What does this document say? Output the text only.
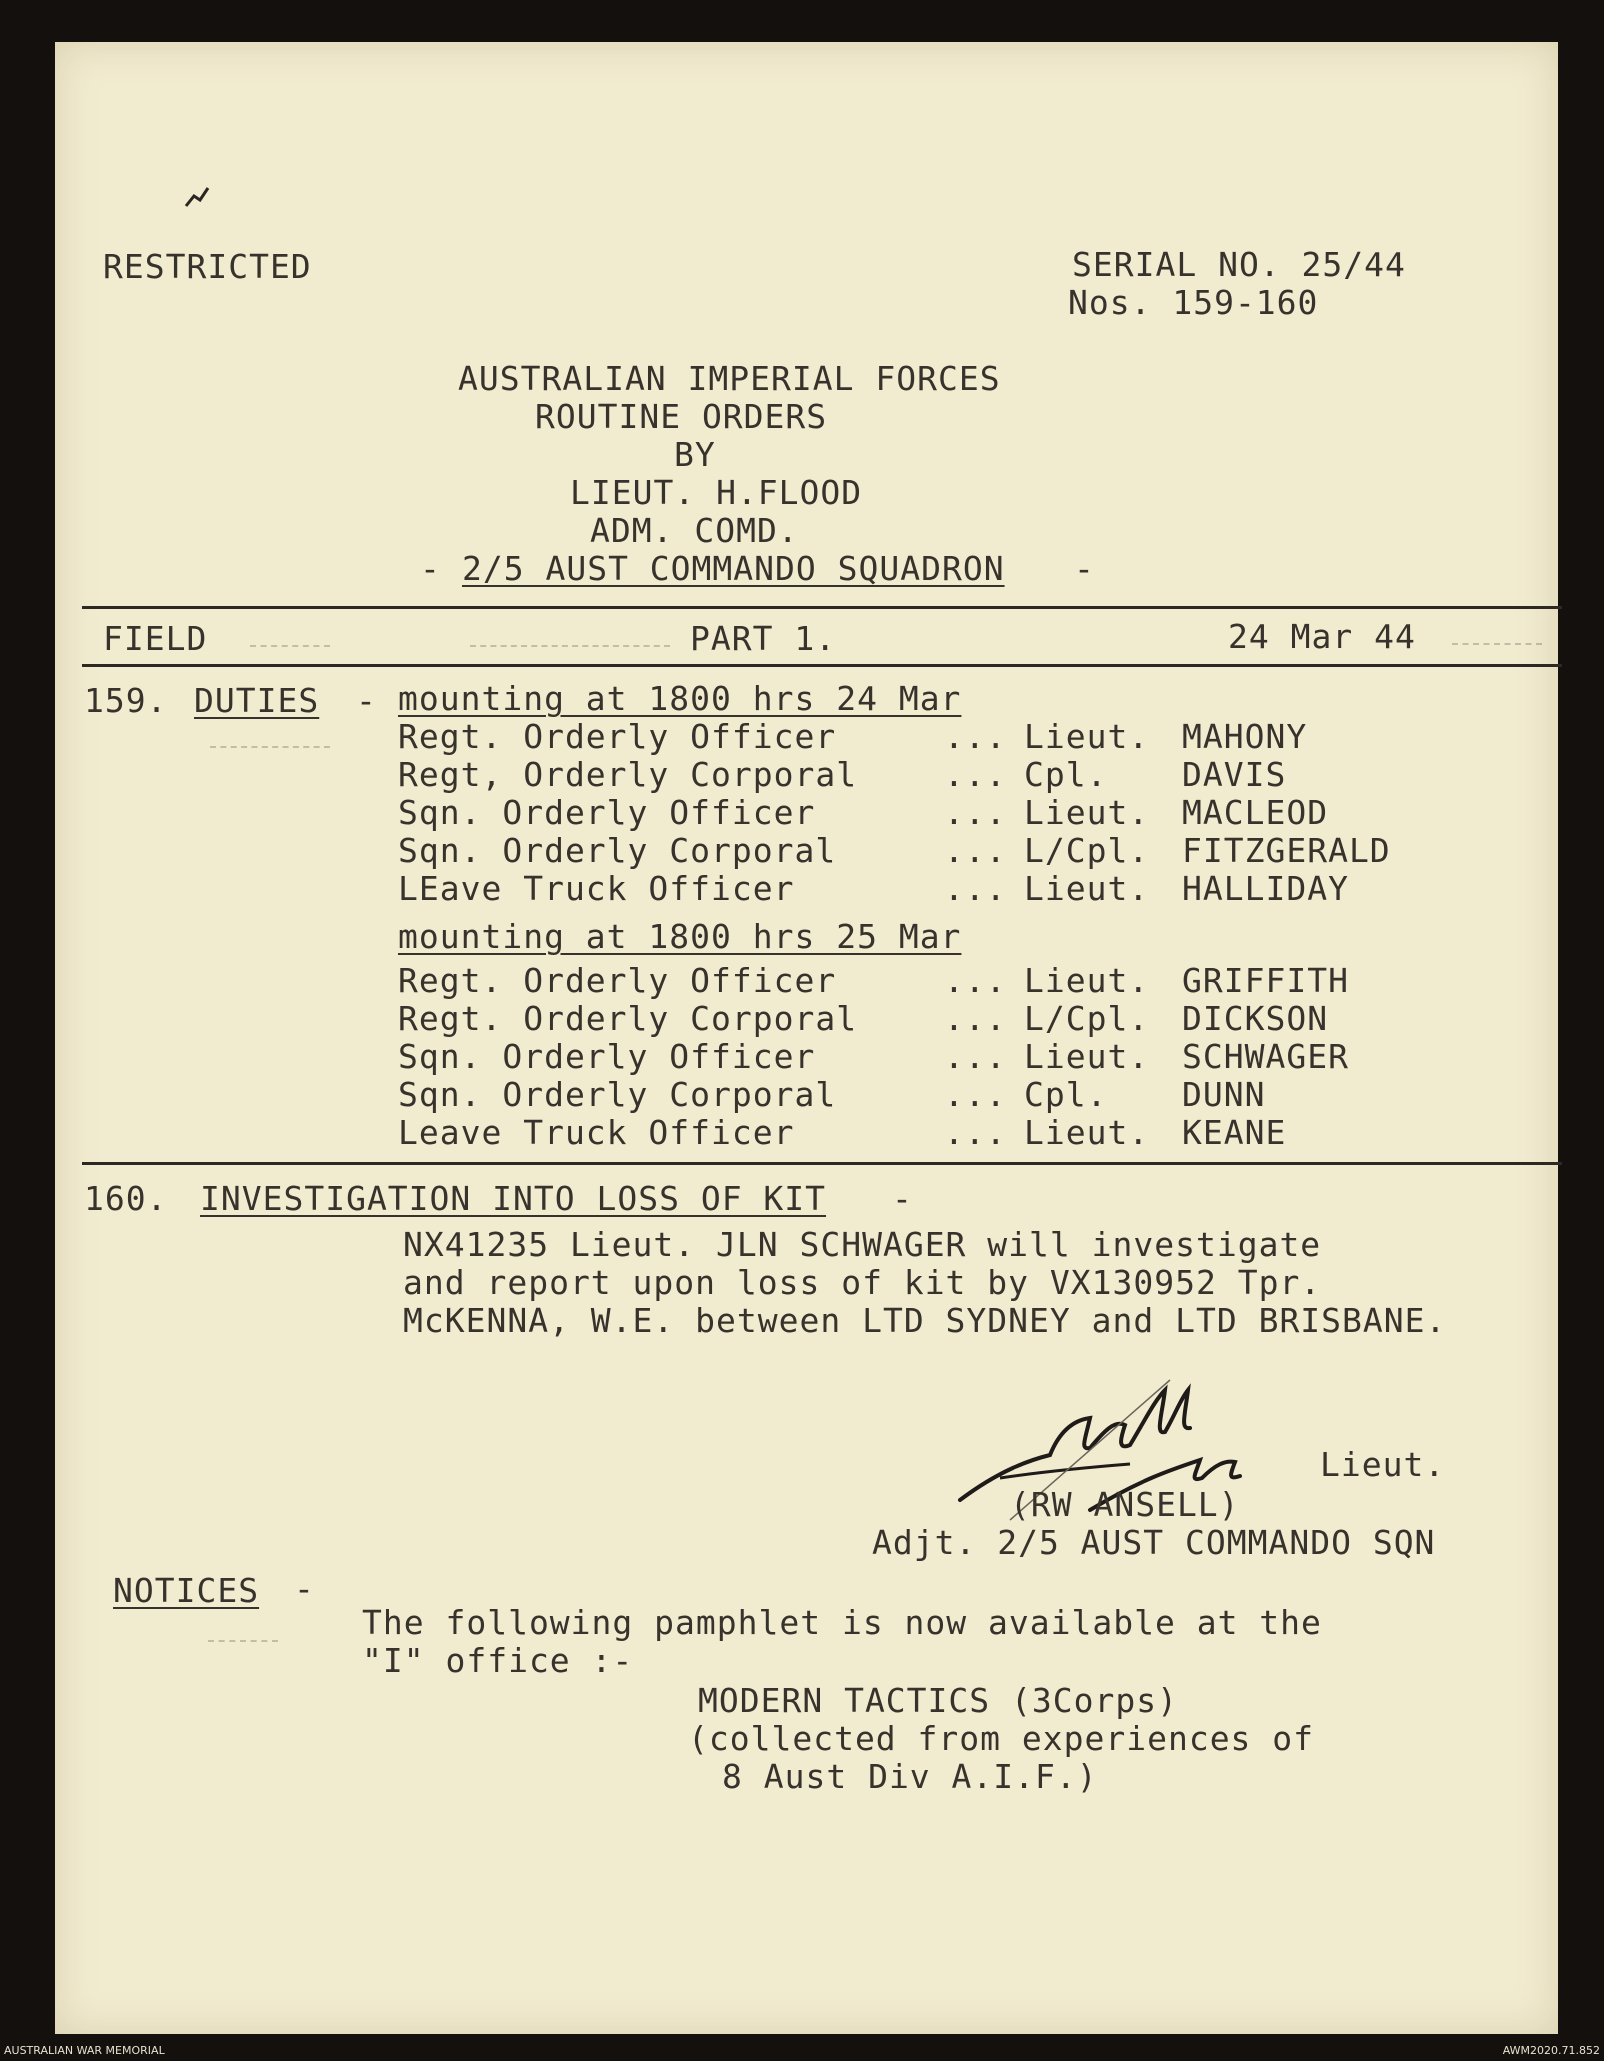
RESTRICTED	SERIAL NO. 25/44
Nos. 159-160
AUSTRALIAN IMPERIAL FORCES
ROUTINE ORDERS
BY
LIEUT. H.FLOOD
ADM. COMD.
- 2/5 AUST COMMANDO SQUADRON -
FIELD	PART 1.	24 Mar 44
159. DUTIES - mounting at 1800 hrs 24 Mar
Regt. Orderly Officer	... Lieut. MAHONY
Regt, Orderly Corporal	... Cpl. DAVIS
Sqn. Orderly Officer	... Lieut. MACLEOD
Sqn. Orderly Corporal	... L/Cpl. FITZGERALD
LEave Truck Officer	... Lieut. HALLIDAY
mounting at 1800 hrs 25 Mar
Regt. Orderly Officer	... Lieut. GRIFFITH
Regt. Orderly Corporal	... L/Cpl. DICKSON
Sqn. Orderly Officer	... Lieut. SCHWAGER
Sqn. Orderly Corporal	... Cpl. DUNN
Leave Truck Officer	... Lieut. KEANE
160. INVESTIGATION INTO LOSS OF KIT -
NX41235 Lieut. JLN SCHWAGER will investigate
and report upon loss of kit by VX130952 Tpr.
McKENNA, W.E. between LTD SYDNEY and LTD BRISBANE.
Lieut.
(RW ANSELL)
Adjt. 2/5 AUST COMMANDO SQN
NOTICES -
The following pamphlet is now available at the
"I" office :-
MODERN TACTICS (3Corps)
(collected from experiences of
8 Aust Div A.I.F.)
AUSTRALIAN WAR MEMORIAL	AWM2020.71.852
